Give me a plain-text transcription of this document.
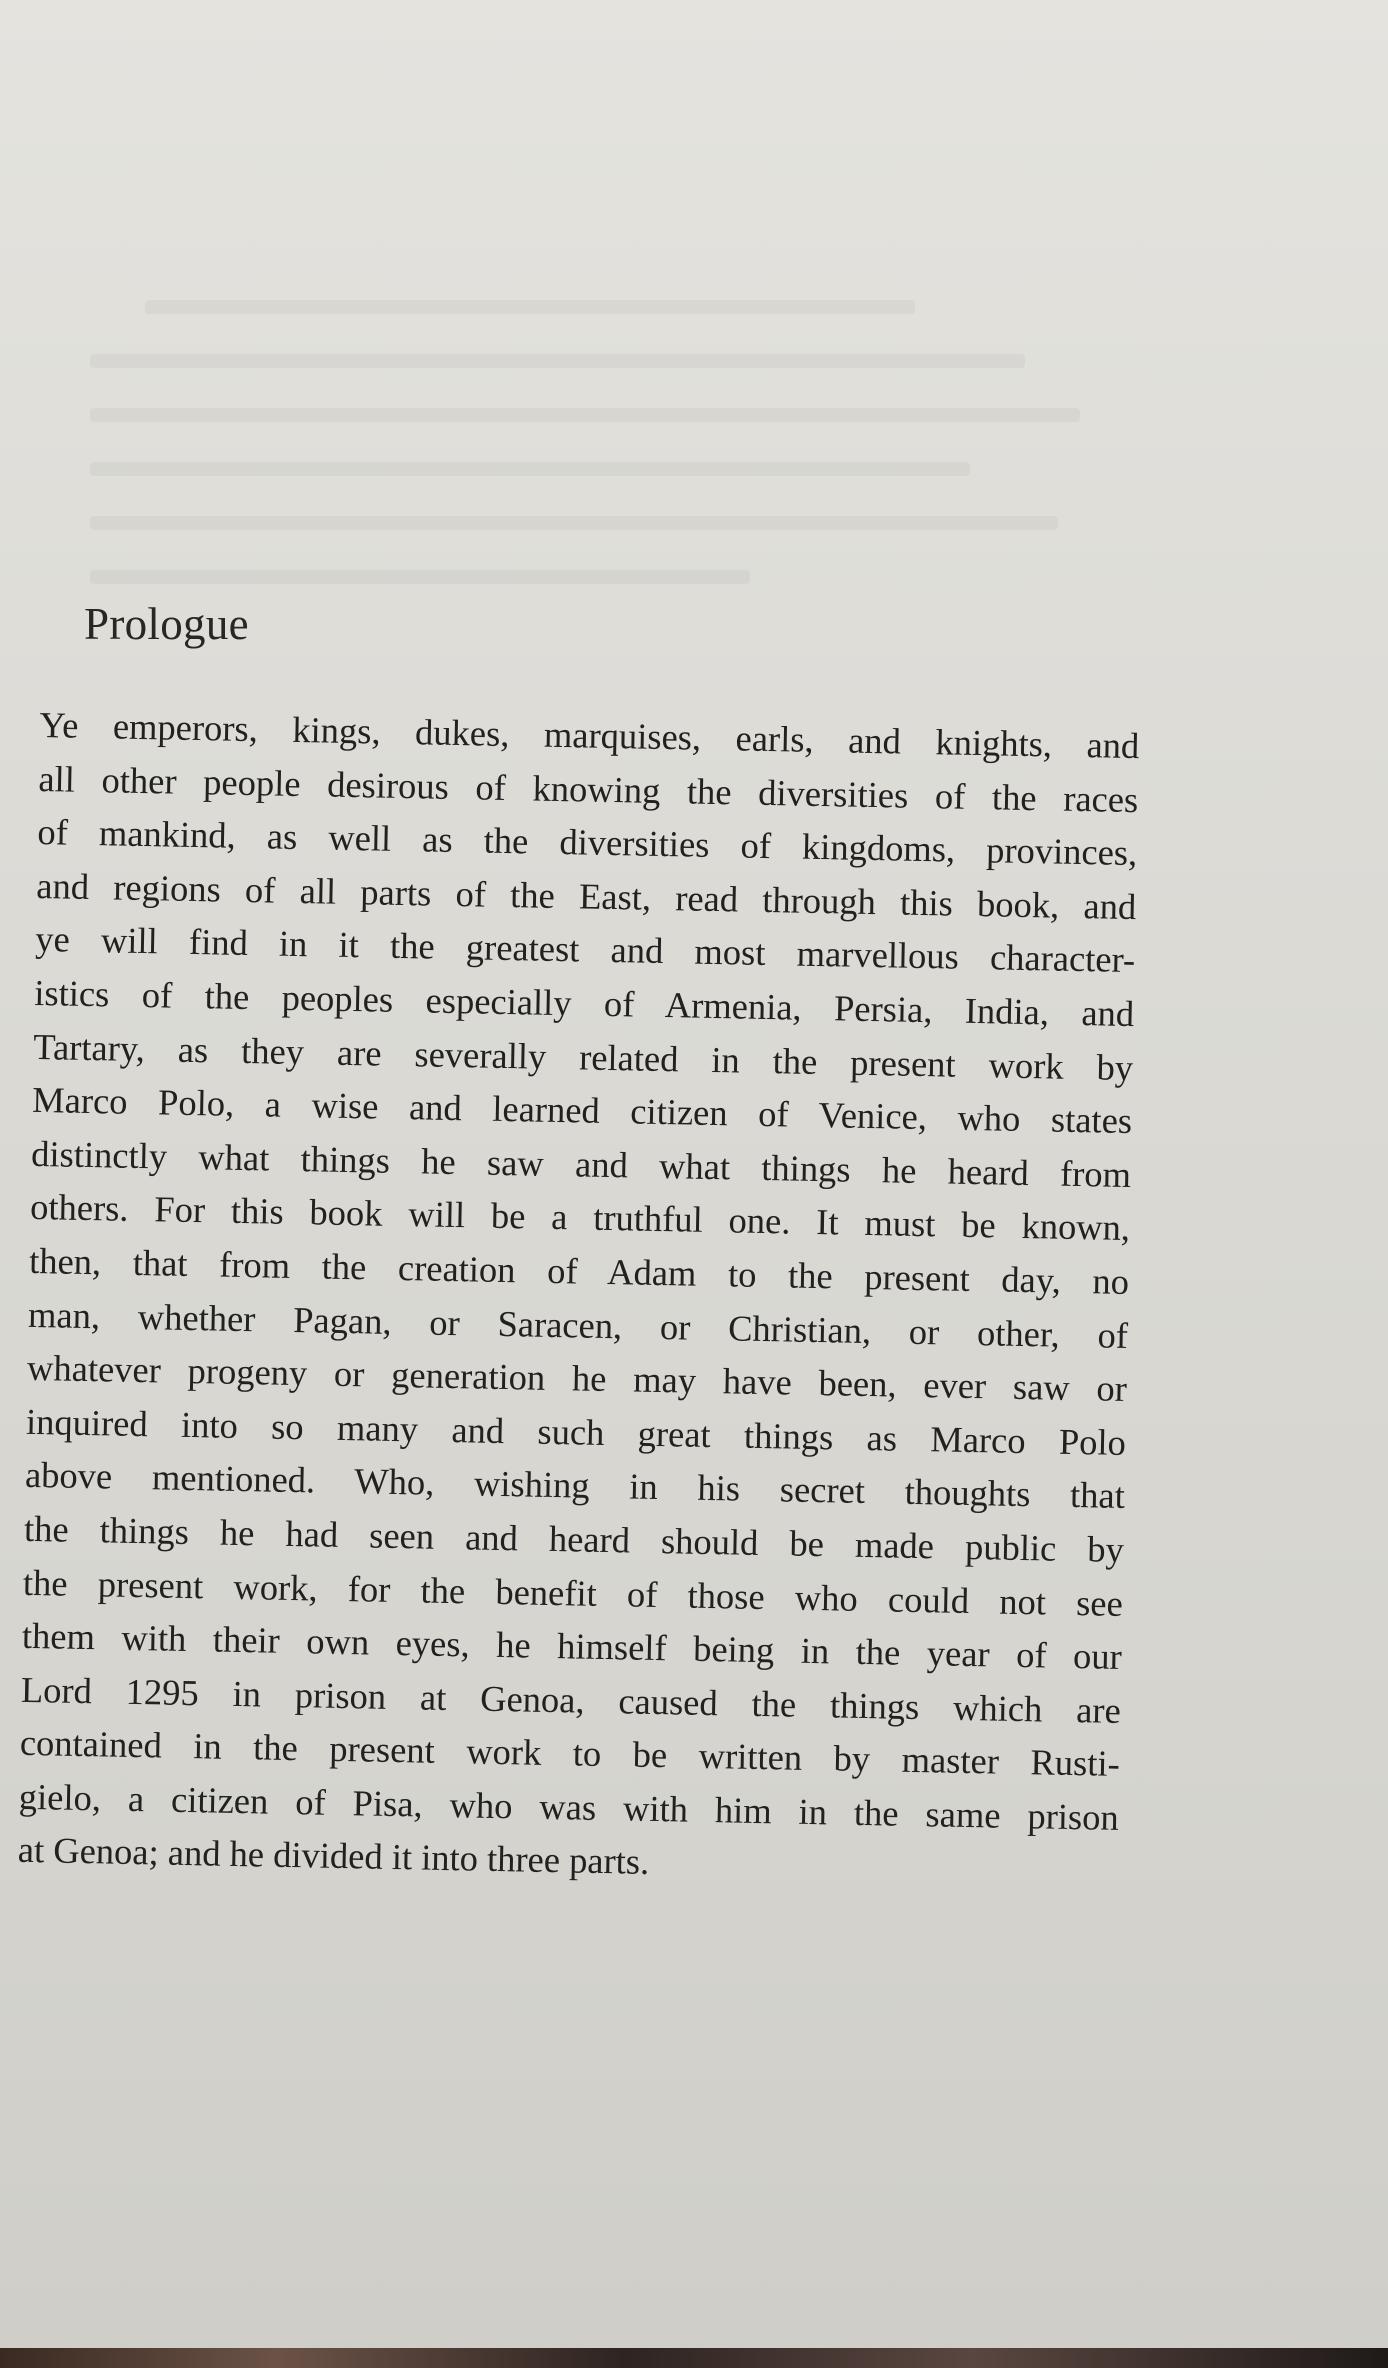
Prologue
Ye emperors, kings, dukes, marquises, earls, and knights, and
all other people desirous of knowing the diversities of the races
of mankind, as well as the diversities of kingdoms, provinces,
and regions of all parts of the East, read through this book, and
ye will find in it the greatest and most marvellous character-
istics of the peoples especially of Armenia, Persia, India, and
Tartary, as they are severally related in the present work by
Marco Polo, a wise and learned citizen of Venice, who states
distinctly what things he saw and what things he heard from
others. For this book will be a truthful one. It must be known,
then, that from the creation of Adam to the present day, no
man, whether Pagan, or Saracen, or Christian, or other, of
whatever progeny or generation he may have been, ever saw or
inquired into so many and such great things as Marco Polo
above mentioned. Who, wishing in his secret thoughts that
the things he had seen and heard should be made public by
the present work, for the benefit of those who could not see
them with their own eyes, he himself being in the year of our
Lord 1295 in prison at Genoa, caused the things which are
contained in the present work to be written by master Rusti-
gielo, a citizen of Pisa, who was with him in the same prison
at Genoa; and he divided it into three parts.
